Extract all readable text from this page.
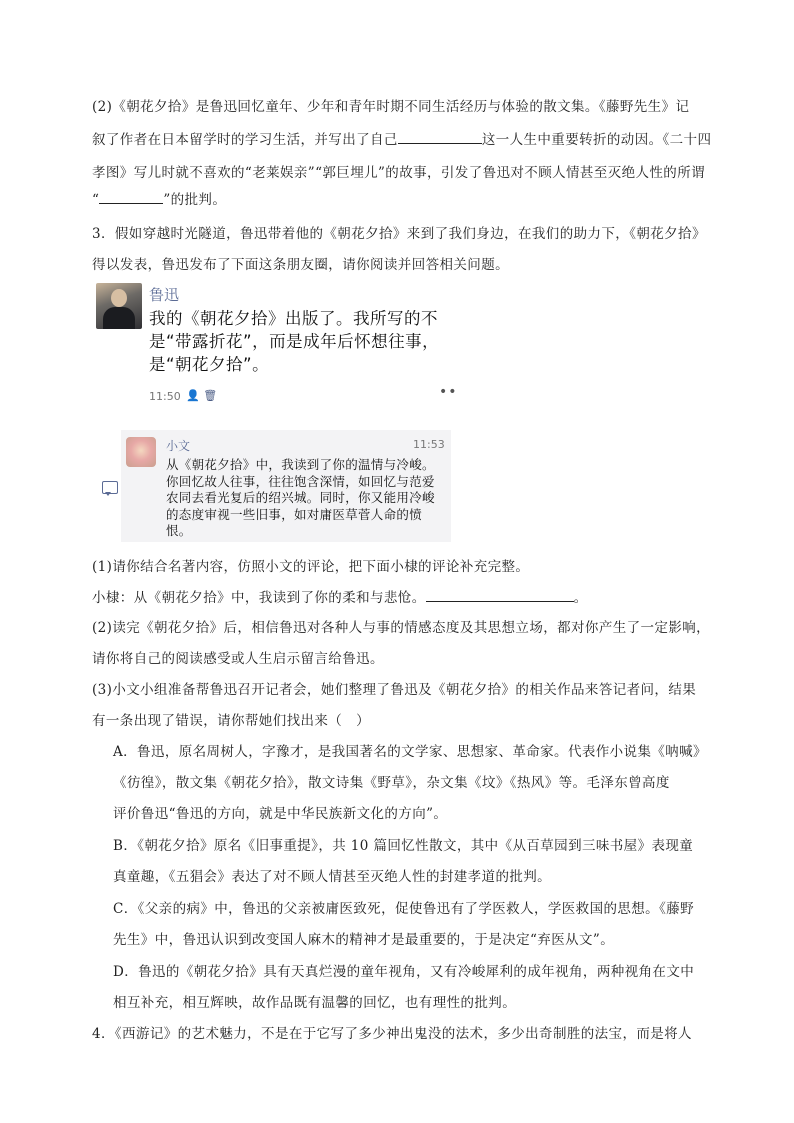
(2)《朝花夕拾》是鲁迅回忆童年、少年和青年时期不同生活经历与体验的散文集。《藤野先生》记
叙了作者在日本留学时的学习生活，并写出了自己	这一人生中重要转折的动因。《二十四
孝图》写儿时就不喜欢的“老莱娱亲”“郭巨埋儿”的故事，引发了鲁迅对不顾人情甚至灭绝人性的所谓
“	”的批判。
3．假如穿越时光隧道，鲁迅带着他的《朝花夕拾》来到了我们身边，在我们的助力下，《朝花夕拾》
得以发表，鲁迅发布了下面这条朋友圈，请你阅读并回答相关问题。
鲁迅
我的《朝花夕拾》出版了。我所写的不是“带露折花”，而是成年后怀想往事，是“朝花夕拾”。
11:50 👤 🗑	••
小文	11:53
从《朝花夕拾》中，我读到了你的温情与冷峻。你回忆故人往事，往往饱含深情，如回忆与范爱农同去看光复后的绍兴城。同时，你又能用冷峻的态度审视一些旧事，如对庸医草菅人命的愤恨。
(1)请你结合名著内容，仿照小文的评论，把下面小棣的评论补充完整。
小棣：从《朝花夕拾》中，我读到了你的柔和与悲怆。	。
(2)读完《朝花夕拾》后，相信鲁迅对各种人与事的情感态度及其思想立场，都对你产生了一定影响，
请你将自己的阅读感受或人生启示留言给鲁迅。
(3)小文小组准备帮鲁迅召开记者会，她们整理了鲁迅及《朝花夕拾》的相关作品来答记者问，结果
有一条出现了错误，请你帮她们找出来（　）
A．鲁迅，原名周树人，字豫才，是我国著名的文学家、思想家、革命家。代表作小说集《呐喊》
《彷徨》，散文集《朝花夕拾》，散文诗集《野草》，杂文集《坟》《热风》等。毛泽东曾高度
评价鲁迅“鲁迅的方向，就是中华民族新文化的方向”。
B．《朝花夕拾》原名《旧事重提》，共 10 篇回忆性散文，其中《从百草园到三味书屋》表现童
真童趣，《五猖会》表达了对不顾人情甚至灭绝人性的封建孝道的批判。
C．《父亲的病》中，鲁迅的父亲被庸医致死，促使鲁迅有了学医救人，学医救国的思想。《藤野
先生》中，鲁迅认识到改变国人麻木的精神才是最重要的，于是决定“弃医从文”。
D．鲁迅的《朝花夕拾》具有天真烂漫的童年视角，又有冷峻犀利的成年视角，两种视角在文中
相互补充，相互辉映，故作品既有温馨的回忆，也有理性的批判。
4．《西游记》的艺术魅力，不是在于它写了多少神出鬼没的法术，多少出奇制胜的法宝，而是将人
